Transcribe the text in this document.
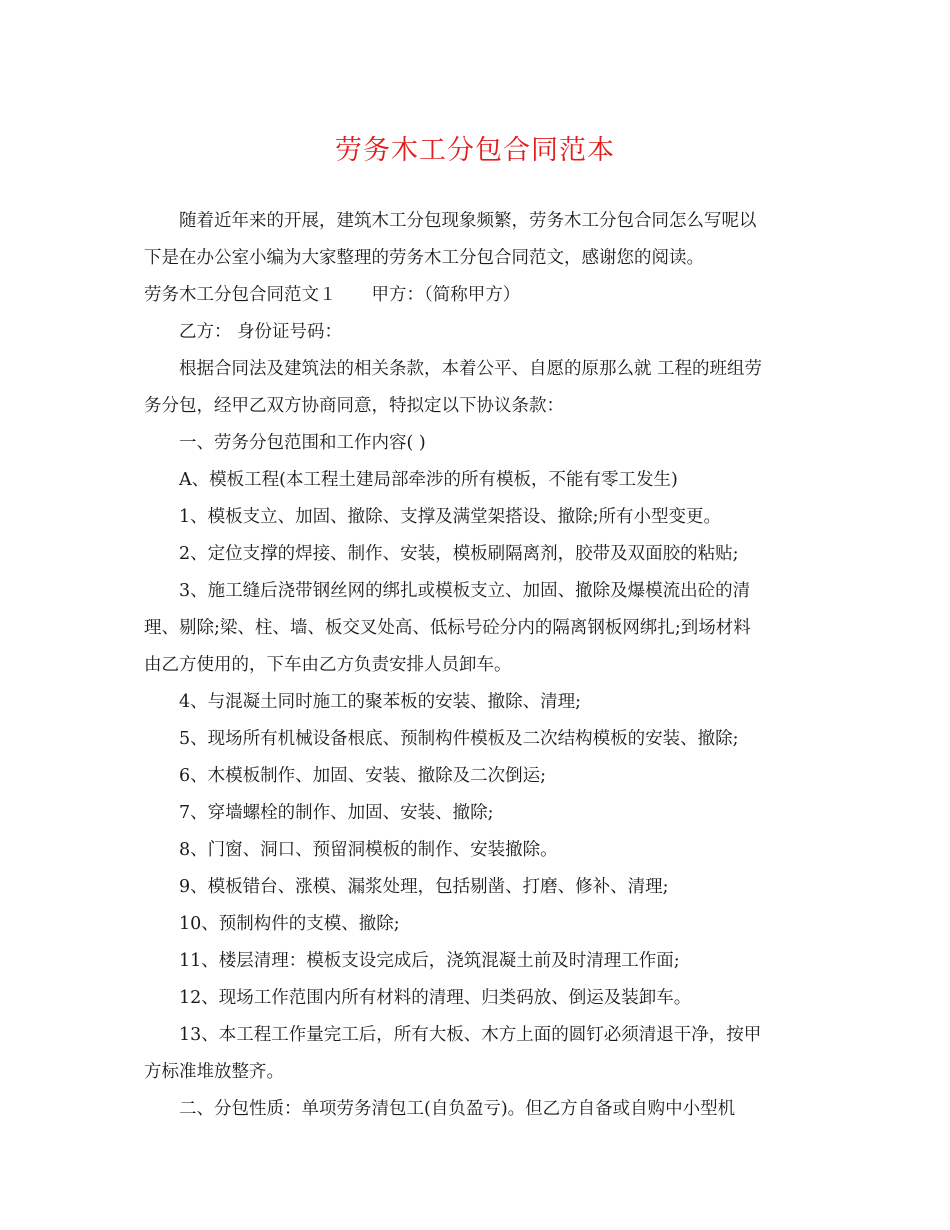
劳务木工分包合同范本

随着近年来的开展，建筑木工分包现象频繁，劳务木工分包合同怎么写呢以

下是在办公室小编为大家整理的劳务木工分包合同范文，感谢您的阅读。

劳务木工分包合同范文１　　甲方：（简称甲方）

乙方： 身份证号码：

根据合同法及建筑法的相关条款，本着公平、自愿的原那么就 工程的班组劳

务分包，经甲乙双方协商同意，特拟定以下协议条款：

一、劳务分包范围和工作内容( )

A、模板工程(本工程土建局部牵涉的所有模板，不能有零工发生)

1、模板支立、加固、撤除、支撑及满堂架搭设、撤除;所有小型变更。

2、定位支撑的焊接、制作、安装，模板刷隔离剂，胶带及双面胶的粘贴;

3、施工缝后浇带钢丝网的绑扎或模板支立、加固、撤除及爆模流出砼的清

理、剔除;梁、柱、墙、板交叉处高、低标号砼分内的隔离钢板网绑扎;到场材料

由乙方使用的，下车由乙方负责安排人员卸车。

4、与混凝土同时施工的聚苯板的安装、撤除、清理;

5、现场所有机械设备根底、预制构件模板及二次结构模板的安装、撤除;

6、木模板制作、加固、安装、撤除及二次倒运;

7、穿墙螺栓的制作、加固、安装、撤除;

8、门窗、洞口、预留洞模板的制作、安装撤除。

9、模板错台、涨模、漏浆处理，包括剔凿、打磨、修补、清理;

10、预制构件的支模、撤除;

11、楼层清理：模板支设完成后，浇筑混凝土前及时清理工作面;

12、现场工作范围内所有材料的清理、归类码放、倒运及装卸车。

13、本工程工作量完工后，所有大板、木方上面的圆钉必须清退干净，按甲

方标准堆放整齐。

二、分包性质：单项劳务清包工(自负盈亏)。但乙方自备或自购中小型机
